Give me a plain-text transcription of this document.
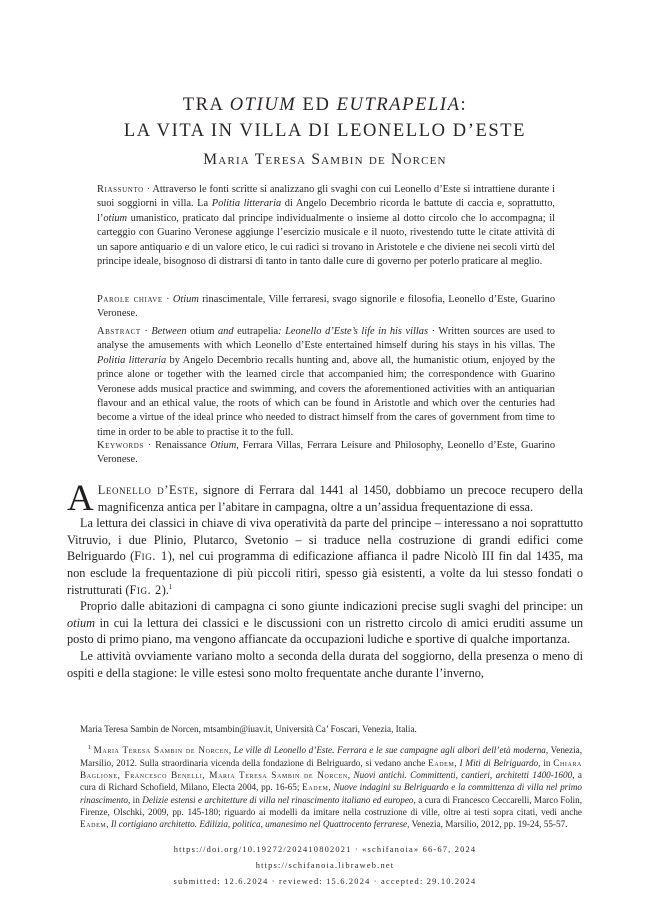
TRA OTIUM ED EUTRAPELIA:
LA VITA IN VILLA DI LEONELLO D’ESTE
Maria Teresa Sambin de Norcen
Riassunto · Attraverso le fonti scritte si analizzano gli svaghi con cui Leonello d’Este si intrattiene durante i suoi soggiorni in villa. La Politia litteraria di Angelo Decembrio ricorda le battute di caccia e, soprattutto, l’otium umanistico, praticato dal principe individualmente o insieme al dotto circolo che lo accompagna; il carteggio con Guarino Veronese aggiunge l’esercizio musicale e il nuoto, rivestendo tutte le citate attività di un sapore antiquario e di un valore etico, le cui radici si trovano in Aristotele e che diviene nei secoli virtù del principe ideale, bisognoso di distrarsi di tanto in tanto dalle cure di governo per poterlo praticare al meglio.
Parole chiave · Otium rinascimentale, Ville ferraresi, svago signorile e filosofia, Leonello d’Este, Guarino Veronese.
Abstract · Between otium and eutrapelia: Leonello d’Este’s life in his villas · Written sources are used to analyse the amusements with which Leonello d’Este entertained himself during his stays in his villas. The Politia litteraria by Angelo Decembrio recalls hunting and, above all, the humanistic otium, enjoyed by the prince alone or together with the learned circle that accompanied him; the correspondence with Guarino Veronese adds musical practice and swimming, and covers the aforementioned activities with an antiquarian flavour and an ethical value, the roots of which can be found in Aristotle and which over the centuries had become a virtue of the ideal prince who needed to distract himself from the cares of government from time to time in order to be able to practise it to the full.
Keywords · Renaissance Otium, Ferrara Villas, Ferrara Leisure and Philosophy, Leonello d’Este, Guarino Veronese.

A Leonello d’Este, signore di Ferrara dal 1441 al 1450, dobbiamo un precoce recupero della magnificenza antica per l’abitare in campagna, oltre a un’assidua frequentazione di essa.

La lettura dei classici in chiave di viva operatività da parte del principe – interessano a noi soprattutto Vitruvio, i due Plinio, Plutarco, Svetonio – si traduce nella costruzione di grandi edifici come Belriguardo (Fig. 1), nel cui programma di edificazione affianca il padre Nicolò III fin dal 1435, ma non esclude la frequentazione di più piccoli ritiri, spesso già esistenti, a volte da lui stesso fondati o ristrutturati (Fig. 2).$^1$

Proprio dalle abitazioni di campagna ci sono giunte indicazioni precise sugli svaghi del principe: un otium in cui la lettura dei classici e le discussioni con un ristretto circolo di amici eruditi assume un posto di primo piano, ma vengono affiancate da occupazioni ludiche e sportive di qualche importanza.

Le attività ovviamente variano molto a seconda della durata del soggiorno, della presenza o meno di ospiti e della stagione: le ville estesi sono molto frequentate anche durante l’inverno,

Maria Teresa Sambin de Norcen, mtsambin@iuav.it, Università Ca’ Foscari, Venezia, Italia.

$^1$ Maria Teresa Sambin de Norcen, Le ville di Leonello d’Este. Ferrara e le sue campagne agli albori dell’età moderna, Venezia, Marsilio, 2012. Sulla straordinaria vicenda della fondazione di Belriguardo, si vedano anche Eadem, I Miti di Belriguardo, in Chiara Baglione, Francesco Benelli, Maria Teresa Sambin de Norcen, Nuovi antichi. Committenti, cantieri, architetti 1400-1600, a cura di Richard Schofield, Milano, Electa 2004, pp. 16-65; Eadem, Nuove indagini su Belriguardo e la committenza di villa nel primo rinascimento, in Delizie estensi e architetture di villa nel rinascimento italiano ed europeo, a cura di Francesco Ceccarelli, Marco Folin, Firenze, Olschki, 2009, pp. 145-180; riguardo ai modelli da imitare nella costruzione di ville, oltre ai testi sopra citati, vedi anche Eadem, Il cortigiano architetto. Edilizia, politica, umanesimo nel Quattrocento ferrarese, Venezia, Marsilio, 2012, pp. 19-24, 55-57.

https://doi.org/10.19272/202410802021 · «schifanoia» 66-67, 2024
https://schifanoia.libraweb.net
submitted: 12.6.2024 · reviewed: 15.6.2024 · accepted: 29.10.2024
